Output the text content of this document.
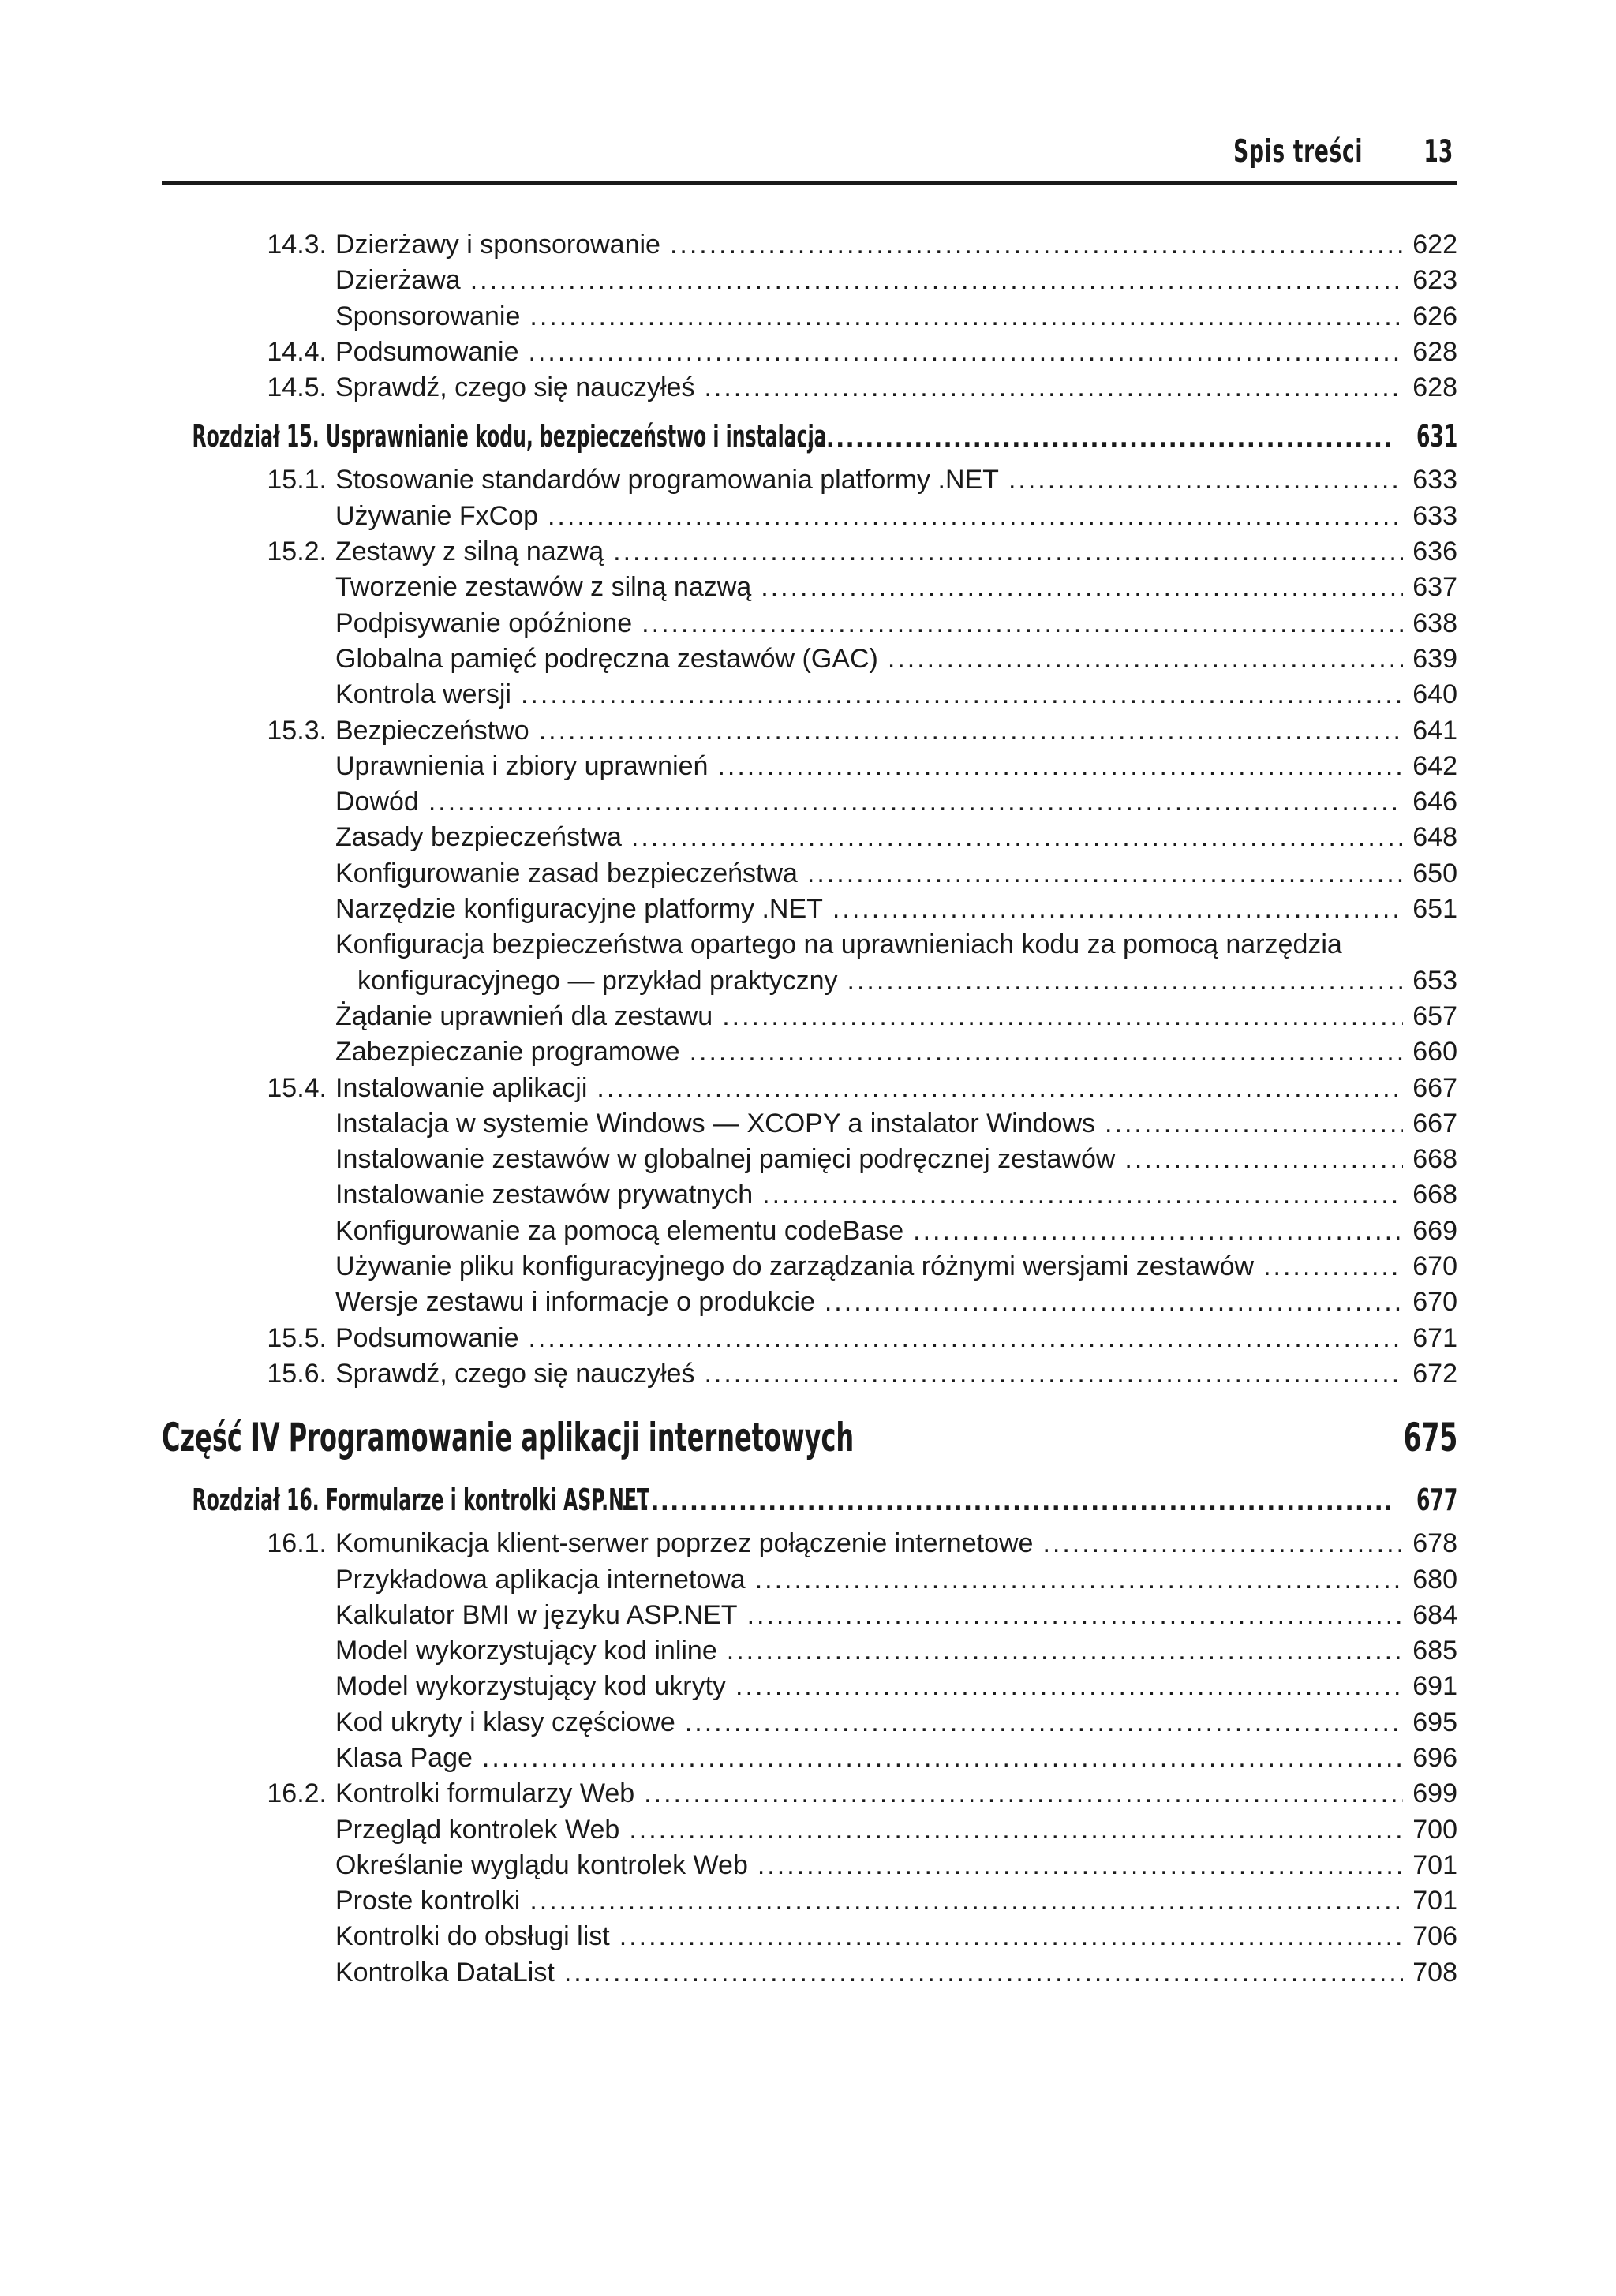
Spis treści 13
14.3. Dzierżawy i sponsorowanie .....	622
Dzierżawa .....	623
Sponsorowanie .....	626
14.4. Podsumowanie .....	628
14.5. Sprawdź, czego się nauczyłeś .....	628
Rozdział 15. Usprawnianie kodu, bezpieczeństwo i instalacja .....	631
15.1. Stosowanie standardów programowania platformy .NET .....	633
Używanie FxCop .....	633
15.2. Zestawy z silną nazwą .....	636
Tworzenie zestawów z silną nazwą .....	637
Podpisywanie opóźnione .....	638
Globalna pamięć podręczna zestawów (GAC) .....	639
Kontrola wersji .....	640
15.3. Bezpieczeństwo .....	641
Uprawnienia i zbiory uprawnień .....	642
Dowód .....	646
Zasady bezpieczeństwa .....	648
Konfigurowanie zasad bezpieczeństwa .....	650
Narzędzie konfiguracyjne platformy .NET .....	651
Konfiguracja bezpieczeństwa opartego na uprawnieniach kodu za pomocą narzędzia
konfiguracyjnego — przykład praktyczny .....	653
Żądanie uprawnień dla zestawu .....	657
Zabezpieczanie programowe .....	660
15.4. Instalowanie aplikacji .....	667
Instalacja w systemie Windows — XCOPY a instalator Windows .....	667
Instalowanie zestawów w globalnej pamięci podręcznej zestawów .....	668
Instalowanie zestawów prywatnych .....	668
Konfigurowanie za pomocą elementu codeBase .....	669
Używanie pliku konfiguracyjnego do zarządzania różnymi wersjami zestawów .....	670
Wersje zestawu i informacje o produkcie .....	670
15.5. Podsumowanie .....	671
15.6. Sprawdź, czego się nauczyłeś .....	672
Część IV Programowanie aplikacji internetowych	675
Rozdział 16. Formularze i kontrolki ASP.NET .....	677
16.1. Komunikacja klient-serwer poprzez połączenie internetowe .....	678
Przykładowa aplikacja internetowa .....	680
Kalkulator BMI w języku ASP.NET .....	684
Model wykorzystujący kod inline .....	685
Model wykorzystujący kod ukryty .....	691
Kod ukryty i klasy częściowe .....	695
Klasa Page .....	696
16.2. Kontrolki formularzy Web .....	699
Przegląd kontrolek Web .....	700
Określanie wyglądu kontrolek Web .....	701
Proste kontrolki .....	701
Kontrolki do obsługi list .....	706
Kontrolka DataList .....	708
